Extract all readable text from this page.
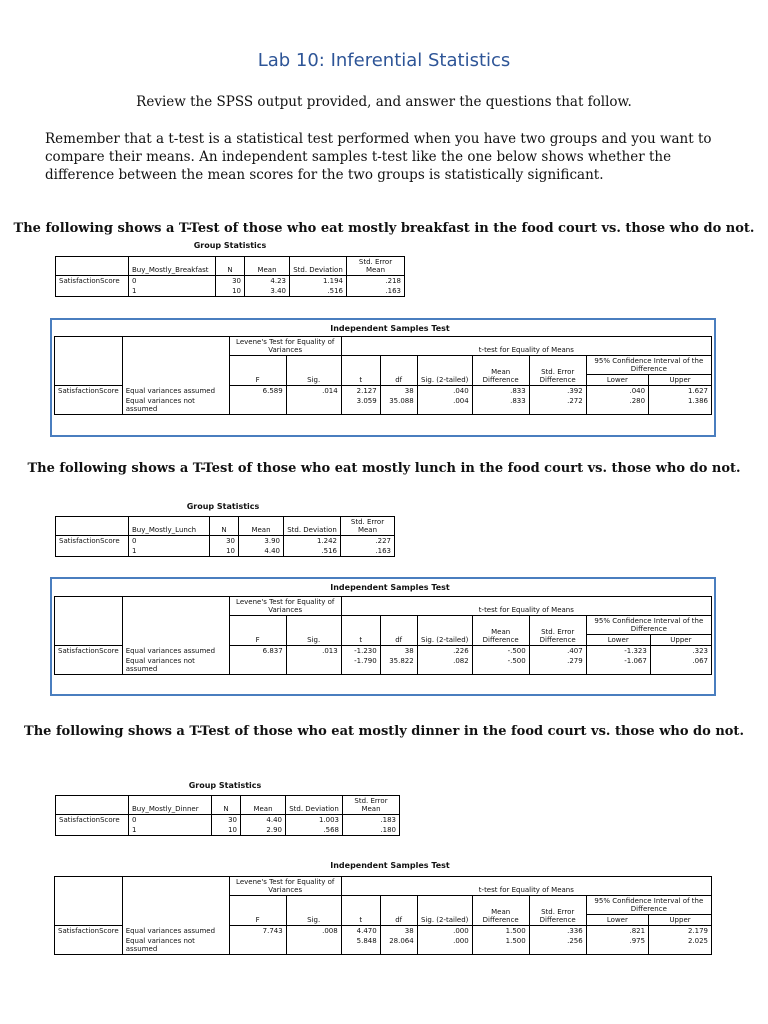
Lab 10: Inferential Statistics
Review the SPSS output provided, and answer the questions that follow.
Remember that a t-test is a statistical test performed when you have two groups and you want to compare their means. An independent samples t-test like the one below shows whether the difference between the mean scores for the two groups is statistically significant.
The following shows a T-Test of those who eat mostly breakfast in the food court vs. those who do not.
Group Statistics
	Buy_Mostly_Breakfast	N	Mean	Std. Deviation	Std. Error Mean
SatisfactionScore	0	30	4.23	1.194	.218
	1	10	3.40	.516	.163
Independent Samples Test
		Levene's Test for Equality of Variances		t-test for Equality of Means						
		F	Sig.	t	df	Sig. (2-tailed)	Mean Difference	Std. Error Difference	95% Confidence Interval of the Difference	
									Lower	Upper
SatisfactionScore	Equal variances assumed	6.589	.014	2.127	38	.040	.833	.392	.040	1.627
	Equal variances not assumed			3.059	35.088	.004	.833	.272	.280	1.386
The following shows a T-Test of those who eat mostly lunch in the food court vs. those who do not.
Group Statistics
	Buy_Mostly_Lunch	N	Mean	Std. Deviation	Std. Error Mean
SatisfactionScore	0	30	3.90	1.242	.227
	1	10	4.40	.516	.163
Independent Samples Test
		Levene's Test for Equality of Variances		t-test for Equality of Means						
		F	Sig.	t	df	Sig. (2-tailed)	Mean Difference	Std. Error Difference	95% Confidence Interval of the Difference	
									Lower	Upper
SatisfactionScore	Equal variances assumed	6.837	.013	-1.230	38	.226	-.500	.407	-1.323	.323
	Equal variances not assumed			-1.790	35.822	.082	-.500	.279	-1.067	.067
The following shows a T-Test of those who eat mostly dinner in the food court vs. those who do not.
Group Statistics
	Buy_Mostly_Dinner	N	Mean	Std. Deviation	Std. Error Mean
SatisfactionScore	0	30	4.40	1.003	.183
	1	10	2.90	.568	.180
Independent Samples Test
		Levene's Test for Equality of Variances		t-test for Equality of Means						
		F	Sig.	t	df	Sig. (2-tailed)	Mean Difference	Std. Error Difference	95% Confidence Interval of the Difference	
									Lower	Upper
SatisfactionScore	Equal variances assumed	7.743	.008	4.470	38	.000	1.500	.336	.821	2.179
	Equal variances not assumed			5.848	28.064	.000	1.500	.256	.975	2.025
